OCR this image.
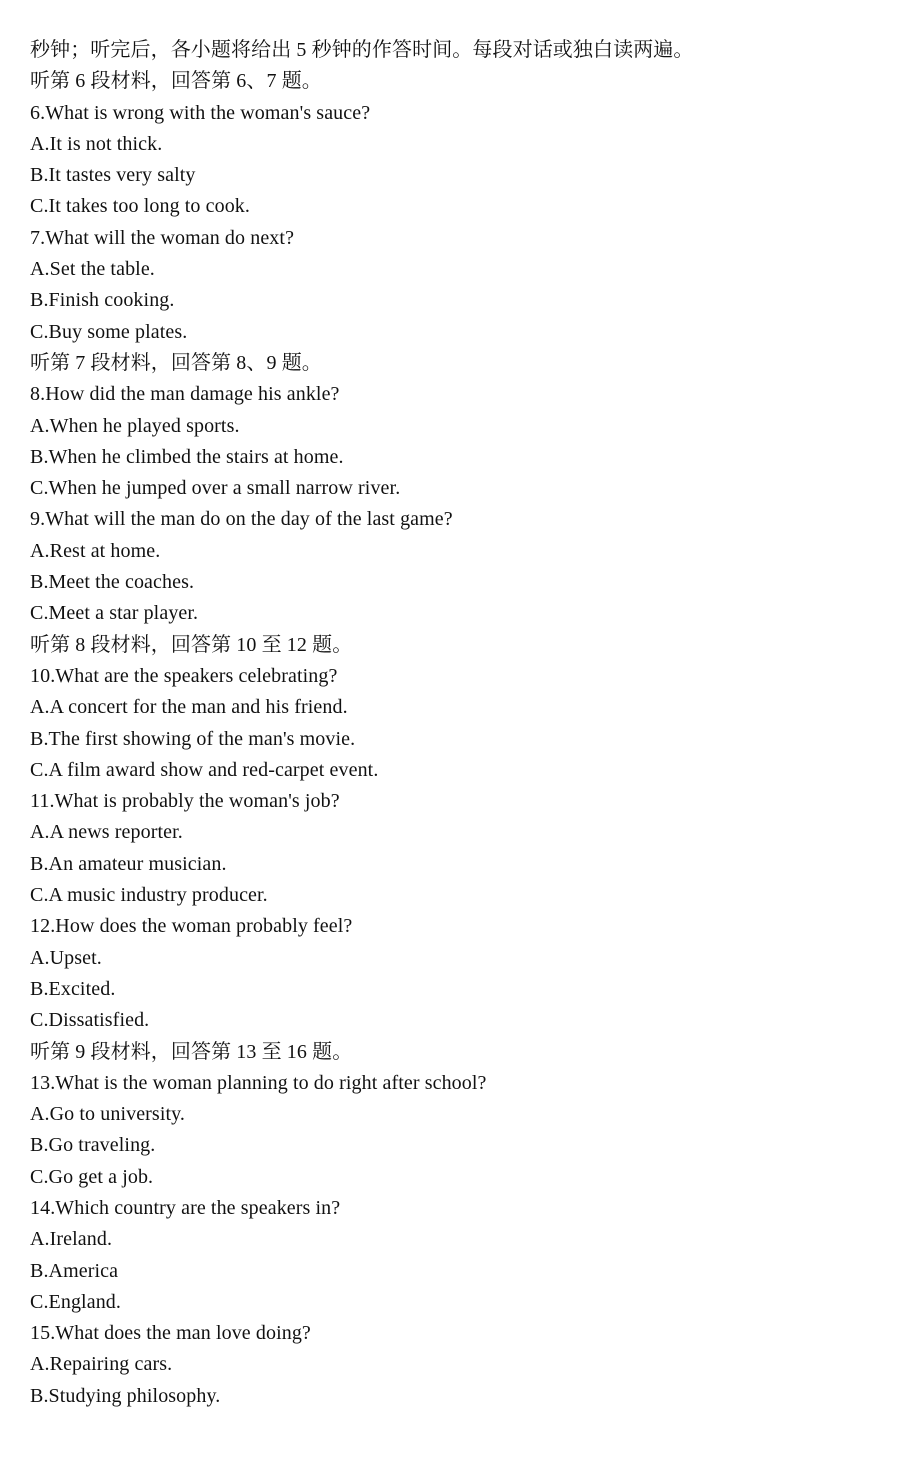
秒钟；听完后，各小题将给出 5 秒钟的作答时间。每段对话或独白读两遍。
听第 6 段材料，回答第 6、7 题。
6.What is wrong with the woman's sauce?
A.It is not thick.
B.It tastes very salty
C.It takes too long to cook.
7.What will the woman do next?
A.Set the table.
B.Finish cooking.
C.Buy some plates.
听第 7 段材料，回答第 8、9 题。
8.How did the man damage his ankle?
A.When he played sports.
B.When he climbed the stairs at home.
C.When he jumped over a small narrow river.
9.What will the man do on the day of the last game?
A.Rest at home.
B.Meet the coaches.
C.Meet a star player.
听第 8 段材料，回答第 10 至 12 题。
10.What are the speakers celebrating?
A.A concert for the man and his friend.
B.The first showing of the man's movie.
C.A film award show and red-carpet event.
11.What is probably the woman's job?
A.A news reporter.
B.An amateur musician.
C.A music industry producer.
12.How does the woman probably feel?
A.Upset.
B.Excited.
C.Dissatisfied.
听第 9 段材料，回答第 13 至 16 题。
13.What is the woman planning to do right after school?
A.Go to university.
B.Go traveling.
C.Go get a job.
14.Which country are the speakers in?
A.Ireland.
B.America
C.England.
15.What does the man love doing?
A.Repairing cars.
B.Studying philosophy.
